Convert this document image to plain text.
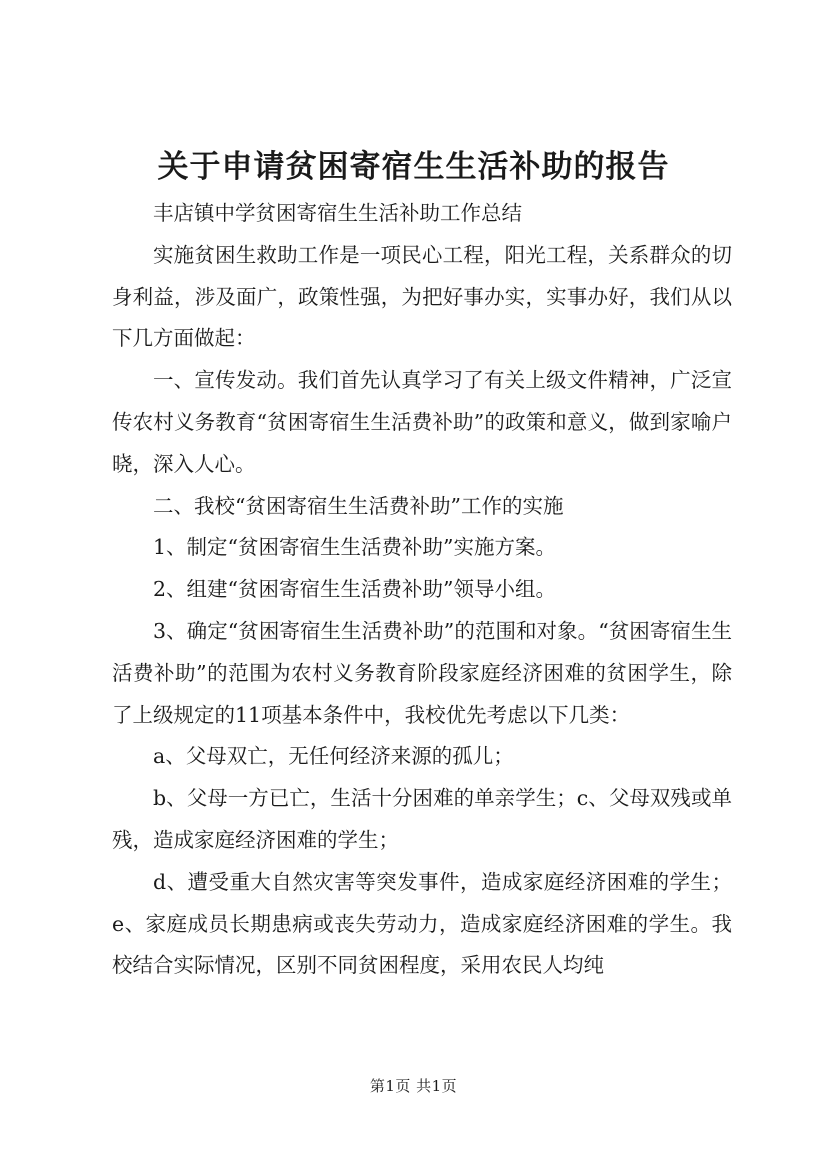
关于申请贫困寄宿生生活补助的报告

丰店镇中学贫困寄宿生生活补助工作总结

实施贫困生救助工作是一项民心工程，阳光工程，关系群众的切身利益，涉及面广，政策性强，为把好事办实，实事办好，我们从以下几方面做起：

一、宣传发动。我们首先认真学习了有关上级文件精神，广泛宣传农村义务教育“贫困寄宿生生活费补助”的政策和意义，做到家喻户晓，深入人心。

二、我校“贫困寄宿生生活费补助”工作的实施

1、制定“贫困寄宿生生活费补助”实施方案。

2、组建“贫困寄宿生生活费补助”领导小组。

3、确定“贫困寄宿生生活费补助”的范围和对象。“贫困寄宿生生活费补助”的范围为农村义务教育阶段家庭经济困难的贫困学生，除了上级规定的11项基本条件中，我校优先考虑以下几类：

a、父母双亡，无任何经济来源的孤儿；

b、父母一方已亡，生活十分困难的单亲学生；c、父母双残或单残，造成家庭经济困难的学生；

d、遭受重大自然灾害等突发事件，造成家庭经济困难的学生；e、家庭成员长期患病或丧失劳动力，造成家庭经济困难的学生。我校结合实际情况，区别不同贫困程度，采用农民人均纯

第1页 共1页
